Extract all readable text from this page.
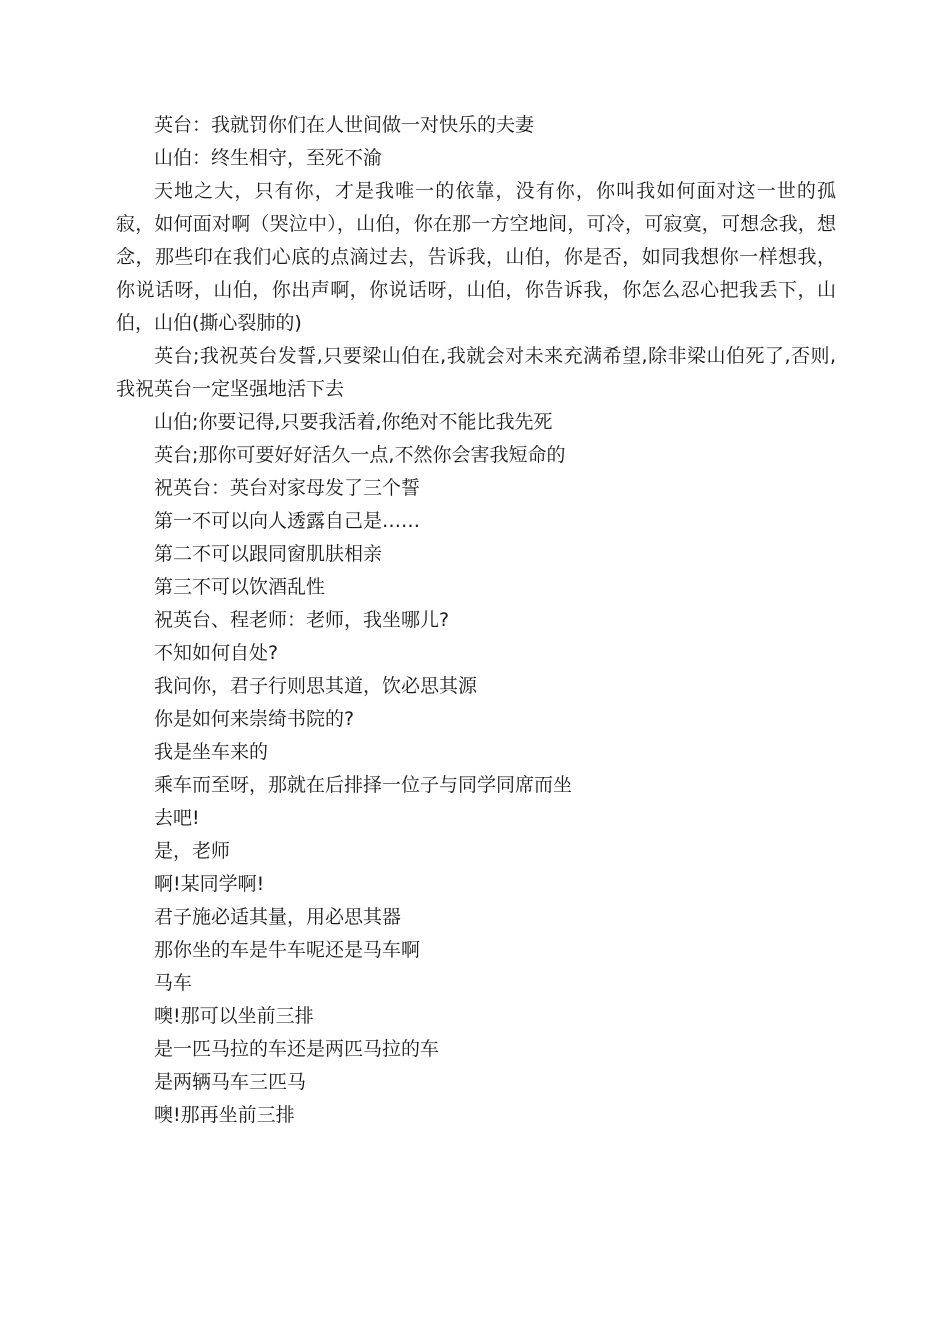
英台：我就罚你们在人世间做一对快乐的夫妻

山伯：终生相守，至死不渝

天地之大，只有你，才是我唯一的依靠，没有你，你叫我如何面对这一世的孤寂，如何面对啊（哭泣中），山伯，你在那一方空地间，可冷，可寂寞，可想念我，想念，那些印在我们心底的点滴过去，告诉我，山伯，你是否，如同我想你一样想我，你说话呀，山伯，你出声啊，你说话呀，山伯，你告诉我，你怎么忍心把我丢下，山伯，山伯(撕心裂肺的)

英台;我祝英台发誓,只要梁山伯在,我就会对未来充满希望,除非梁山伯死了,否则,我祝英台一定坚强地活下去

山伯;你要记得,只要我活着,你绝对不能比我先死

英台;那你可要好好活久一点,不然你会害我短命的

祝英台：英台对家母发了三个誓

第一不可以向人透露自己是……

第二不可以跟同窗肌肤相亲

第三不可以饮酒乱性

祝英台、程老师：老师，我坐哪儿?

不知如何自处?

我问你，君子行则思其道，饮必思其源

你是如何来崇绮书院的?

我是坐车来的

乘车而至呀，那就在后排择一位子与同学同席而坐

去吧!

是，老师

啊!某同学啊!

君子施必适其量，用必思其器

那你坐的车是牛车呢还是马车啊

马车

噢!那可以坐前三排

是一匹马拉的车还是两匹马拉的车

是两辆马车三匹马

噢!那再坐前三排
